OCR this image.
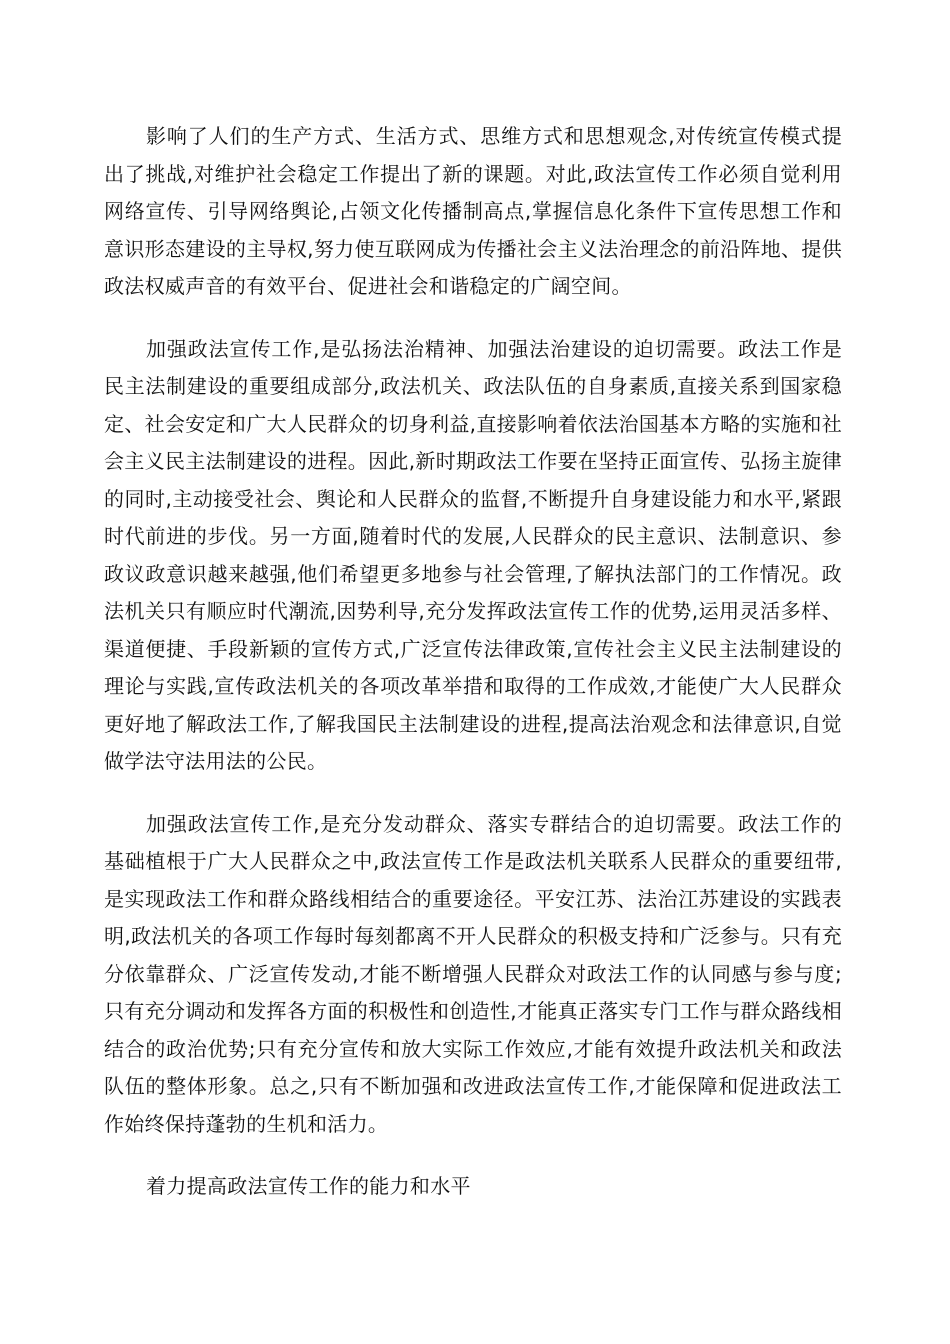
影响了人们的生产方式、生活方式、思维方式和思想观念,对传统宣传模式提出了挑战,对维护社会稳定工作提出了新的课题。对此,政法宣传工作必须自觉利用网络宣传、引导网络舆论,占领文化传播制高点,掌握信息化条件下宣传思想工作和意识形态建设的主导权,努力使互联网成为传播社会主义法治理念的前沿阵地、提供政法权威声音的有效平台、促进社会和谐稳定的广阔空间。

加强政法宣传工作,是弘扬法治精神、加强法治建设的迫切需要。政法工作是民主法制建设的重要组成部分,政法机关、政法队伍的自身素质,直接关系到国家稳定、社会安定和广大人民群众的切身利益,直接影响着依法治国基本方略的实施和社会主义民主法制建设的进程。因此,新时期政法工作要在坚持正面宣传、弘扬主旋律的同时,主动接受社会、舆论和人民群众的监督,不断提升自身建设能力和水平,紧跟时代前进的步伐。另一方面,随着时代的发展,人民群众的民主意识、法制意识、参政议政意识越来越强,他们希望更多地参与社会管理,了解执法部门的工作情况。政法机关只有顺应时代潮流,因势利导,充分发挥政法宣传工作的优势,运用灵活多样、渠道便捷、手段新颖的宣传方式,广泛宣传法律政策,宣传社会主义民主法制建设的理论与实践,宣传政法机关的各项改革举措和取得的工作成效,才能使广大人民群众更好地了解政法工作,了解我国民主法制建设的进程,提高法治观念和法律意识,自觉做学法守法用法的公民。

加强政法宣传工作,是充分发动群众、落实专群结合的迫切需要。政法工作的基础植根于广大人民群众之中,政法宣传工作是政法机关联系人民群众的重要纽带,是实现政法工作和群众路线相结合的重要途径。平安江苏、法治江苏建设的实践表明,政法机关的各项工作每时每刻都离不开人民群众的积极支持和广泛参与。只有充分依靠群众、广泛宣传发动,才能不断增强人民群众对政法工作的认同感与参与度;只有充分调动和发挥各方面的积极性和创造性,才能真正落实专门工作与群众路线相结合的政治优势;只有充分宣传和放大实际工作效应,才能有效提升政法机关和政法队伍的整体形象。总之,只有不断加强和改进政法宣传工作,才能保障和促进政法工作始终保持蓬勃的生机和活力。

着力提高政法宣传工作的能力和水平
